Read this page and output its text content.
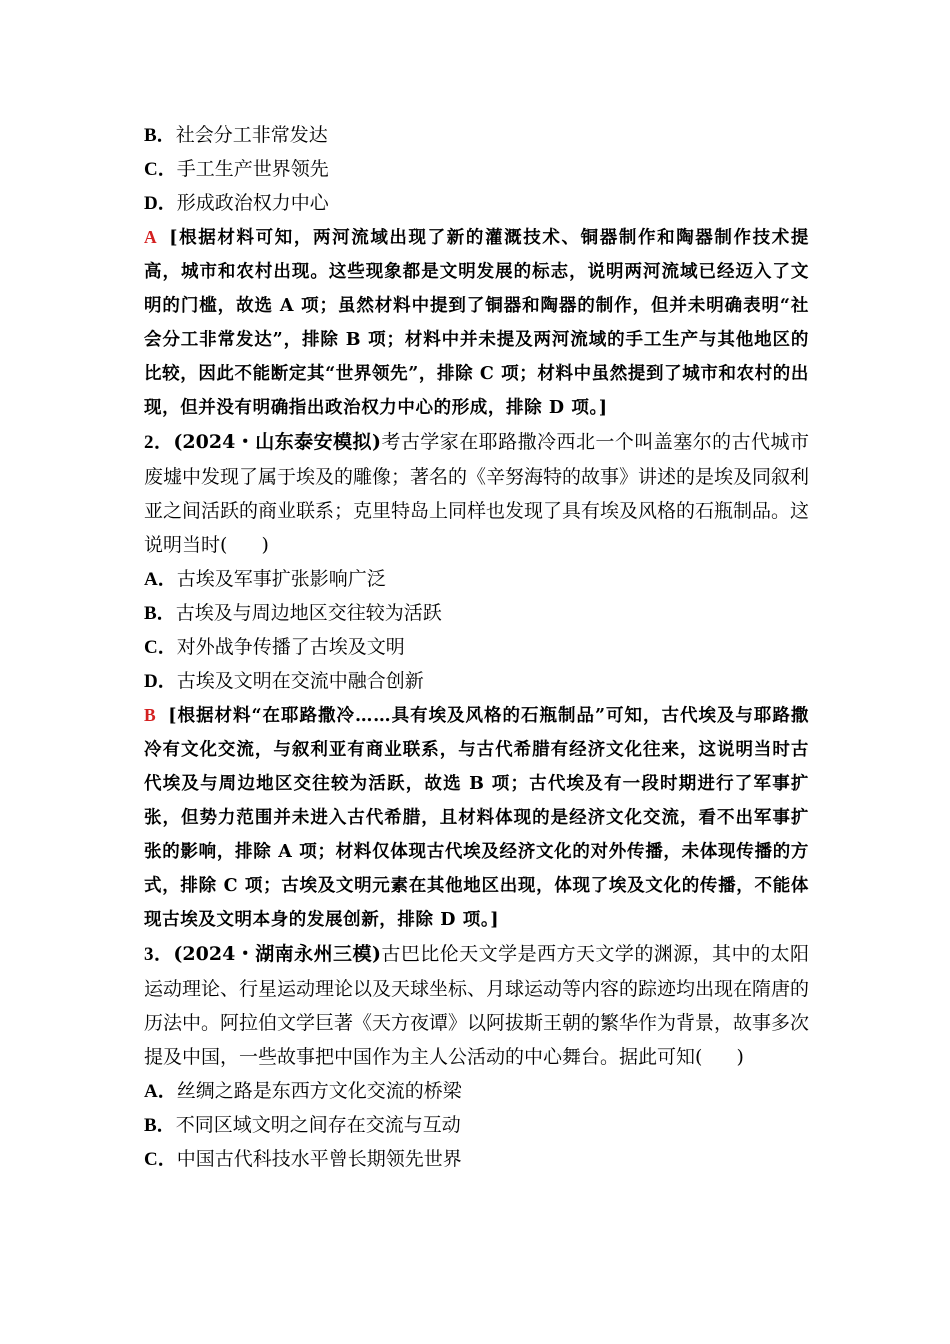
B．社会分工非常发达
C．手工生产世界领先
D．形成政治权力中心
A [根据材料可知，两河流域出现了新的灌溉技术、铜器制作和陶器制作技术提高，城市和农村出现。这些现象都是文明发展的标志，说明两河流域已经迈入了文明的门槛，故选 A 项；虽然材料中提到了铜器和陶器的制作，但并未明确表明“社会分工非常发达”，排除 B 项；材料中并未提及两河流域的手工生产与其他地区的比较，因此不能断定其“世界领先”，排除 C 项；材料中虽然提到了城市和农村的出现，但并没有明确指出政治权力中心的形成，排除 D 项。]
2．(2024・山东泰安模拟)考古学家在耶路撒冷西北一个叫盖塞尔的古代城市废墟中发现了属于埃及的雕像；著名的《辛努海特的故事》讲述的是埃及同叙利亚之间活跃的商业联系；克里特岛上同样也发现了具有埃及风格的石瓶制品。这说明当时( )
A．古埃及军事扩张影响广泛
B．古埃及与周边地区交往较为活跃
C．对外战争传播了古埃及文明
D．古埃及文明在交流中融合创新
B [根据材料“在耶路撒冷……具有埃及风格的石瓶制品”可知，古代埃及与耶路撒冷有文化交流，与叙利亚有商业联系，与古代希腊有经济文化往来，这说明当时古代埃及与周边地区交往较为活跃，故选 B 项；古代埃及有一段时期进行了军事扩张，但势力范围并未进入古代希腊，且材料体现的是经济文化交流，看不出军事扩张的影响，排除 A 项；材料仅体现古代埃及经济文化的对外传播，未体现传播的方式，排除 C 项；古埃及文明元素在其他地区出现，体现了埃及文化的传播，不能体现古埃及文明本身的发展创新，排除 D 项。]
3．(2024・湖南永州三模)古巴比伦天文学是西方天文学的渊源，其中的太阳运动理论、行星运动理论以及天球坐标、月球运动等内容的踪迹均出现在隋唐的历法中。阿拉伯文学巨著《天方夜谭》以阿拔斯王朝的繁华作为背景，故事多次提及中国，一些故事把中国作为主人公活动的中心舞台。据此可知( )
A．丝绸之路是东西方文化交流的桥梁
B．不同区域文明之间存在交流与互动
C．中国古代科技水平曾长期领先世界
